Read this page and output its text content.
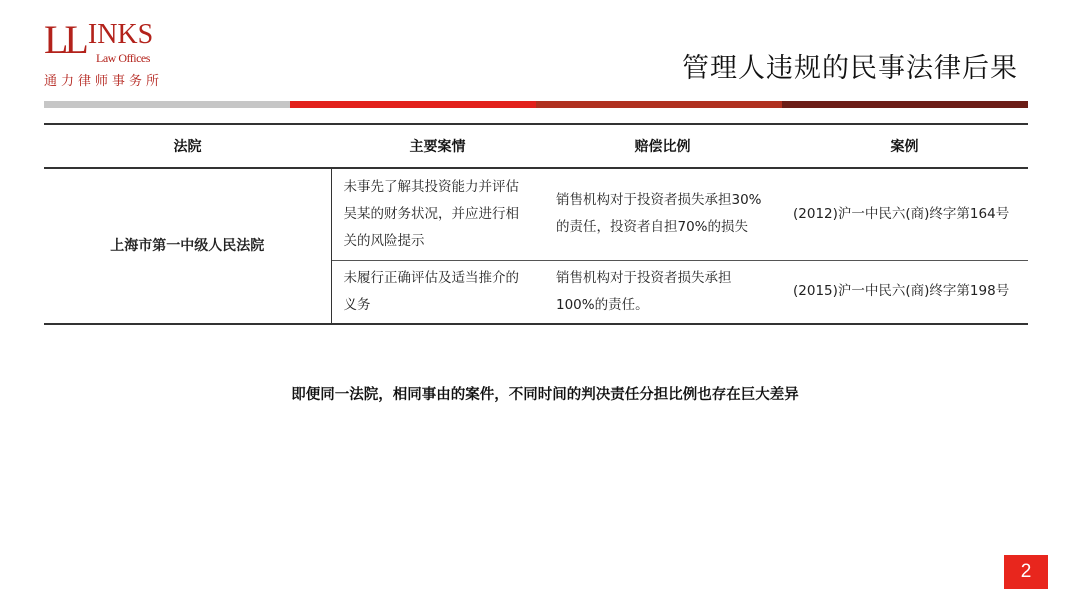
LL INKS
Law Offices
通力律师事务所	管理人违规的民事法律后果
法院	主要案情	赔偿比例	案例
上海市第一中级人民法院	未事先了解其投资能力并评估吴某的财务状况，并应进行相关的风险提示	销售机构对于投资者损失承担30%的责任，投资者自担70%的损失	(2012)沪一中民六(商)终字第164号
	未履行正确评估及适当推介的义务	销售机构对于投资者损失承担100%的责任。	(2015)沪一中民六(商)终字第198号
即便同一法院，相同事由的案件，不同时间的判决责任分担比例也存在巨大差异
2
